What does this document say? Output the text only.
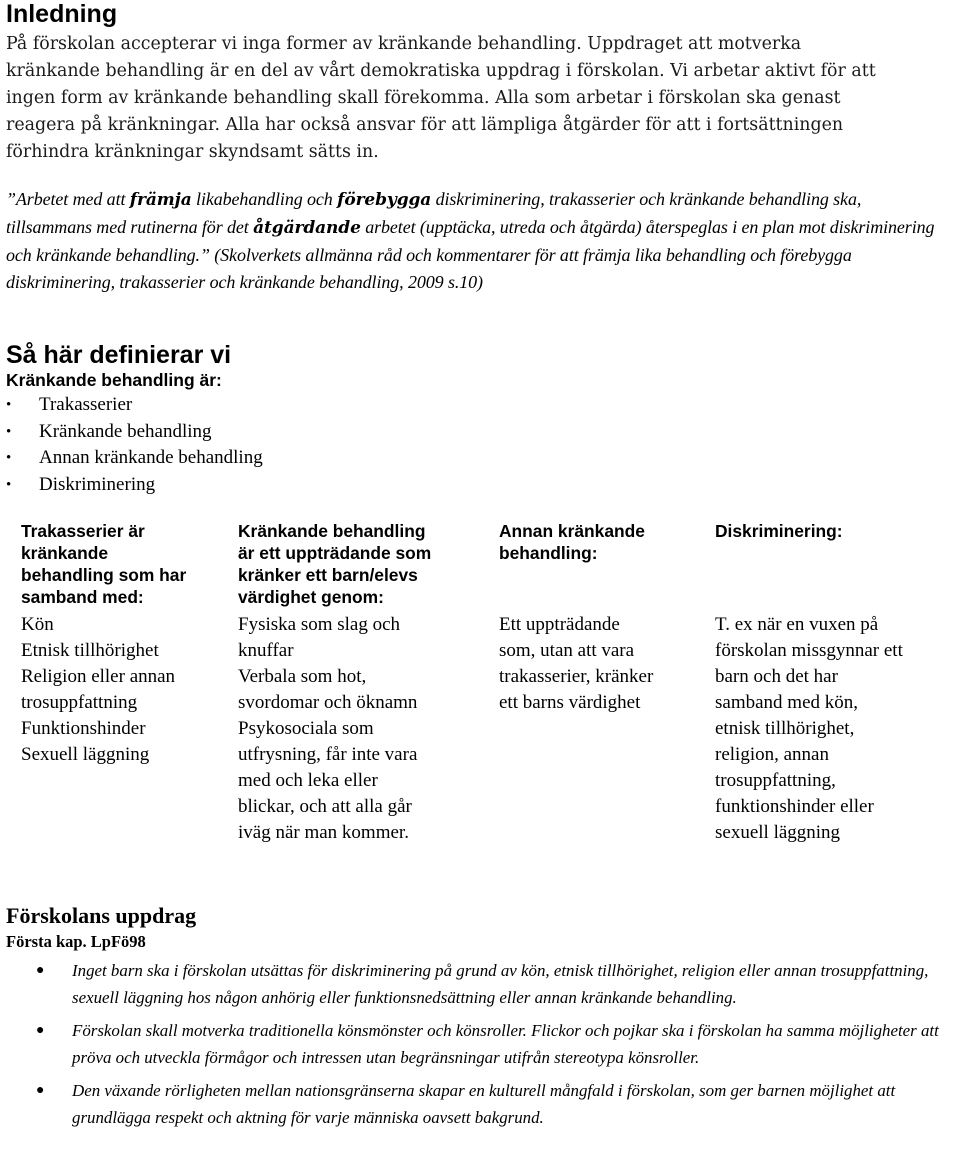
Inledning
På förskolan accepterar vi inga former av kränkande behandling. Uppdraget att motverka
kränkande behandling är en del av vårt demokratiska uppdrag i förskolan. Vi arbetar aktivt för att
ingen form av kränkande behandling skall förekomma. Alla som arbetar i förskolan ska genast
reagera på kränkningar. Alla har också ansvar för att lämpliga åtgärder för att i fortsättningen
förhindra kränkningar skyndsamt sätts in.

”Arbetet med att främja likabehandling och förebygga diskriminering, trakasserier och kränkande behandling ska, tillsammans med rutinerna för det åtgärdande arbetet (upptäcka, utreda och åtgärda) återspeglas i en plan mot diskriminering och kränkande behandling.” (Skolverkets allmänna råd och kommentarer för att främja lika behandling och förebygga diskriminering, trakasserier och kränkande behandling, 2009 s.10)

Så här definierar vi
Kränkande behandling är:
• Trakasserier
• Kränkande behandling
• Annan kränkande behandling
• Diskriminering
Trakasserier är
kränkande
behandling som har
samband med:
Kön
Etnisk tillhörighet
Religion eller annan
trosuppfattning
Funktionshinder
Sexuell läggning
Kränkande behandling
är ett uppträdande som
kränker ett barn/elevs
värdighet genom:
Fysiska som slag och
knuffar
Verbala som hot,
svordomar och öknamn
Psykosociala som
utfrysning, får inte vara
med och leka eller
blickar, och att alla går
iväg när man kommer.
Annan kränkande
behandling:
Ett uppträdande
som, utan att vara
trakasserier, kränker
ett barns värdighet
Diskriminering:
T. ex när en vuxen på
förskolan missgynnar ett
barn och det har
samband med kön,
etnisk tillhörighet,
religion, annan
trosuppfattning,
funktionshinder eller
sexuell läggning
Förskolans uppdrag
Första kap. LpFö98
● Inget barn ska i förskolan utsättas för diskriminering på grund av kön, etnisk tillhörighet, religion eller annan trosuppfattning, sexuell läggning hos någon anhörig eller funktionsnedsättning eller annan kränkande behandling.
● Förskolan skall motverka traditionella könsmönster och könsroller. Flickor och pojkar ska i förskolan ha samma möjligheter att pröva och utveckla förmågor och intressen utan begränsningar utifrån stereotypa könsroller.
● Den växande rörligheten mellan nationsgränserna skapar en kulturell mångfald i förskolan, som ger barnen möjlighet att grundlägga respekt och aktning för varje människa oavsett bakgrund.
